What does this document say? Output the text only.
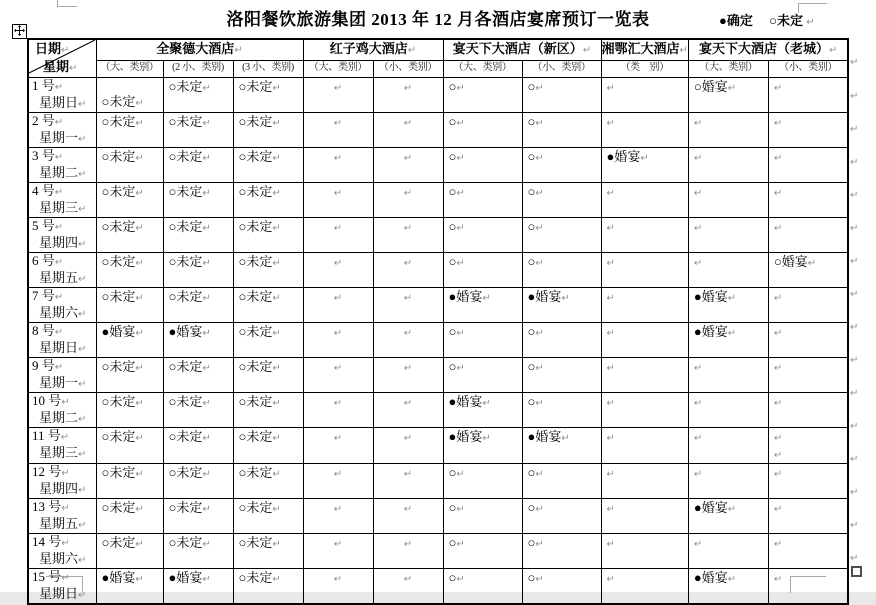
洛阳餐饮旅游集团 2013 年 12 月各酒店宴席预订一览表	●确定 ○未定 ↵
日期↵
星期↵	全聚德大酒店↵			红子鸡大酒店↵		宴天下大酒店（新区）↵		湘鄂汇大酒店↵	宴天下大酒店（老城）↵	
	（大、类别）	(2 小、类别)	(3 小、类别)	（大、类别）	（小、类别）	（大、类别）	（小、类别）	（类　别）	（大、类别）	（小、类别）

1 号↵
星期日↵	○未定↵	○未定↵	○未定↵	↵	↵	○↵	○↵	↵	○婚宴↵	↵

2 号↵
星期一↵	○未定↵	○未定↵	○未定↵	↵	↵	○↵	○↵	↵	↵	↵

3 号↵
星期二↵	○未定↵	○未定↵	○未定↵	↵	↵	○↵	○↵	●婚宴↵	↵	↵

4 号↵
星期三↵	○未定↵	○未定↵	○未定↵	↵	↵	○↵	○↵	↵	↵	↵

5 号↵
星期四↵	○未定↵	○未定↵	○未定↵	↵	↵	○↵	○↵	↵	↵	↵

6 号↵
星期五↵	○未定↵	○未定↵	○未定↵	↵	↵	○↵	○↵	↵	↵	○婚宴↵

7 号↵
星期六↵	○未定↵	○未定↵	○未定↵	↵	↵	●婚宴↵	●婚宴↵	↵	●婚宴↵	↵

8 号↵
星期日↵	●婚宴↵	●婚宴↵	○未定↵	↵	↵	○↵	○↵	↵	●婚宴↵	↵

9 号↵
星期一↵	○未定↵	○未定↵	○未定↵	↵	↵	○↵	○↵	↵	↵	↵

10 号↵
星期二↵	○未定↵	○未定↵	○未定↵	↵	↵	●婚宴↵	○↵	↵	↵	↵

11 号↵
星期三↵
	○未定↵	○未定↵	○未定↵	↵	↵	●婚宴↵	●婚宴↵	↵	↵	↵
↵

12 号↵
星期四↵	○未定↵	○未定↵	○未定↵	↵	↵	○↵	○↵	↵	↵	↵

13 号↵
星期五↵	○未定↵	○未定↵	○未定↵	↵	↵	○↵	○↵	↵	●婚宴↵	↵

14 号↵
星期六↵	○未定↵	○未定↵	○未定↵	↵	↵	○↵	○↵	↵	↵	↵

15 号↵
星期日↵	●婚宴↵	●婚宴↵	○未定↵	↵	↵	○↵	○↵	↵	●婚宴↵	↵
↵
↵
↵
↵
↵
↵
↵
↵
↵
↵
↵
↵
↵
↵
↵
↵
